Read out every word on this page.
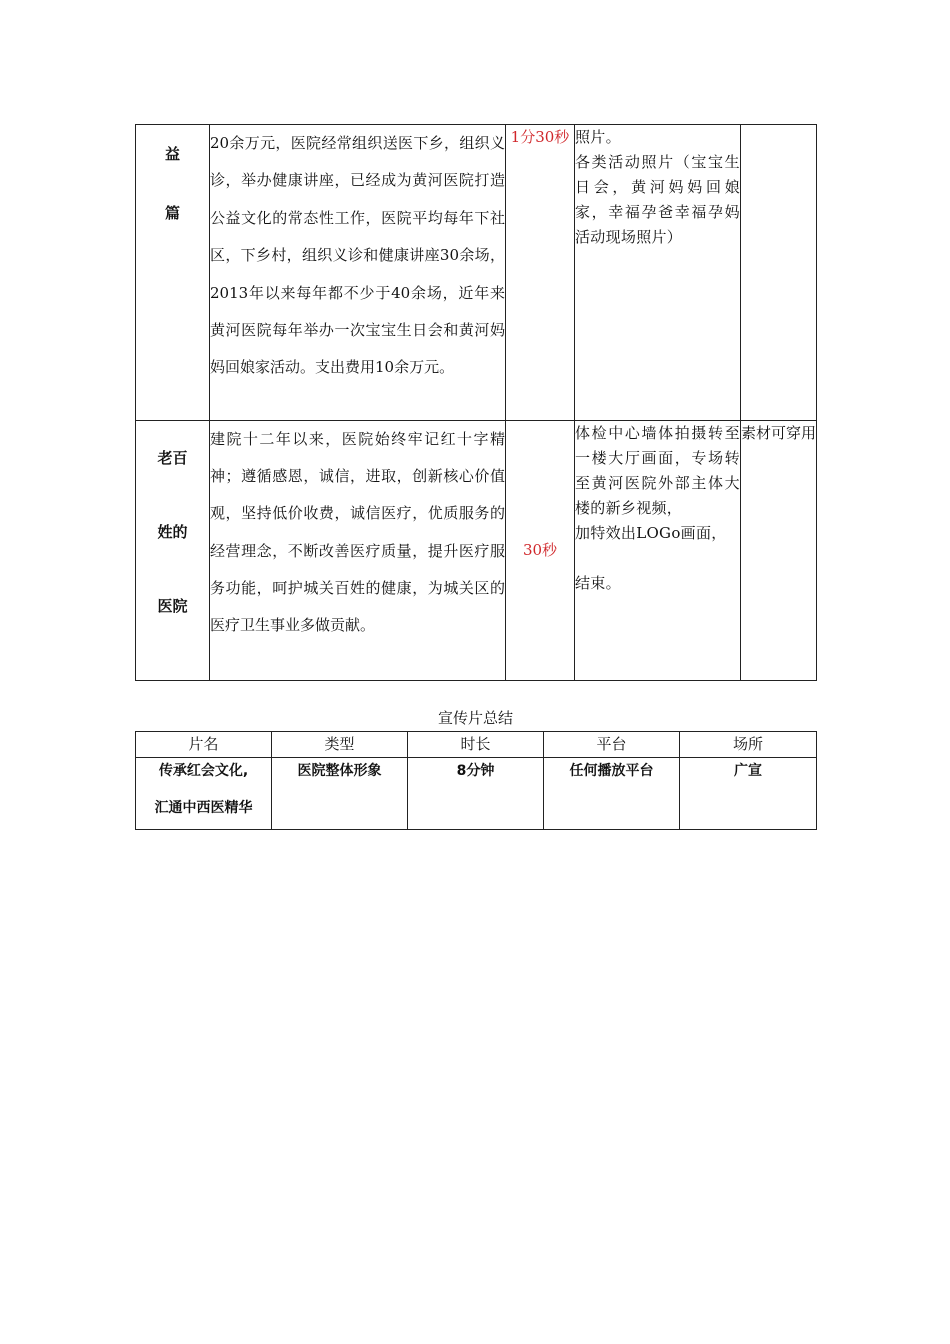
益
篇	20余万元，医院经常组织送医下乡，组织义诊，举办健康讲座，已经成为黄河医院打造公益文化的常态性工作，医院平均每年下社区，下乡村，组织义诊和健康讲座30余场，2013年以来每年都不少于40余场，近年来黄河医院每年举办一次宝宝生日会和黄河妈妈回娘家活动。支出费用10余万元。	1分30秒	照片。
各类活动照片（宝宝生日会，黄河妈妈回娘家，幸福孕爸幸福孕妈活动现场照片）	

老百
姓的
医院	建院十二年以来，医院始终牢记红十字精神；遵循感恩，诚信，进取，创新核心价值观，坚持低价收费，诚信医疗，优质服务的经营理念，不断改善医疗质量，提升医疗服务功能，呵护城关百姓的健康，为城关区的医疗卫生事业多做贡献。	30秒	体检中心墙体拍摄转至一楼大厅画面，专场转至黄河医院外部主体大楼的新乡视频，
加特效出LOGo画面，
结束。	素材可穿用
宣传片总结
片名	类型	时长	平台	场所

传承红会文化,
汇通中西医精华	医院整体形象	8分钟	任何播放平台	广宣
